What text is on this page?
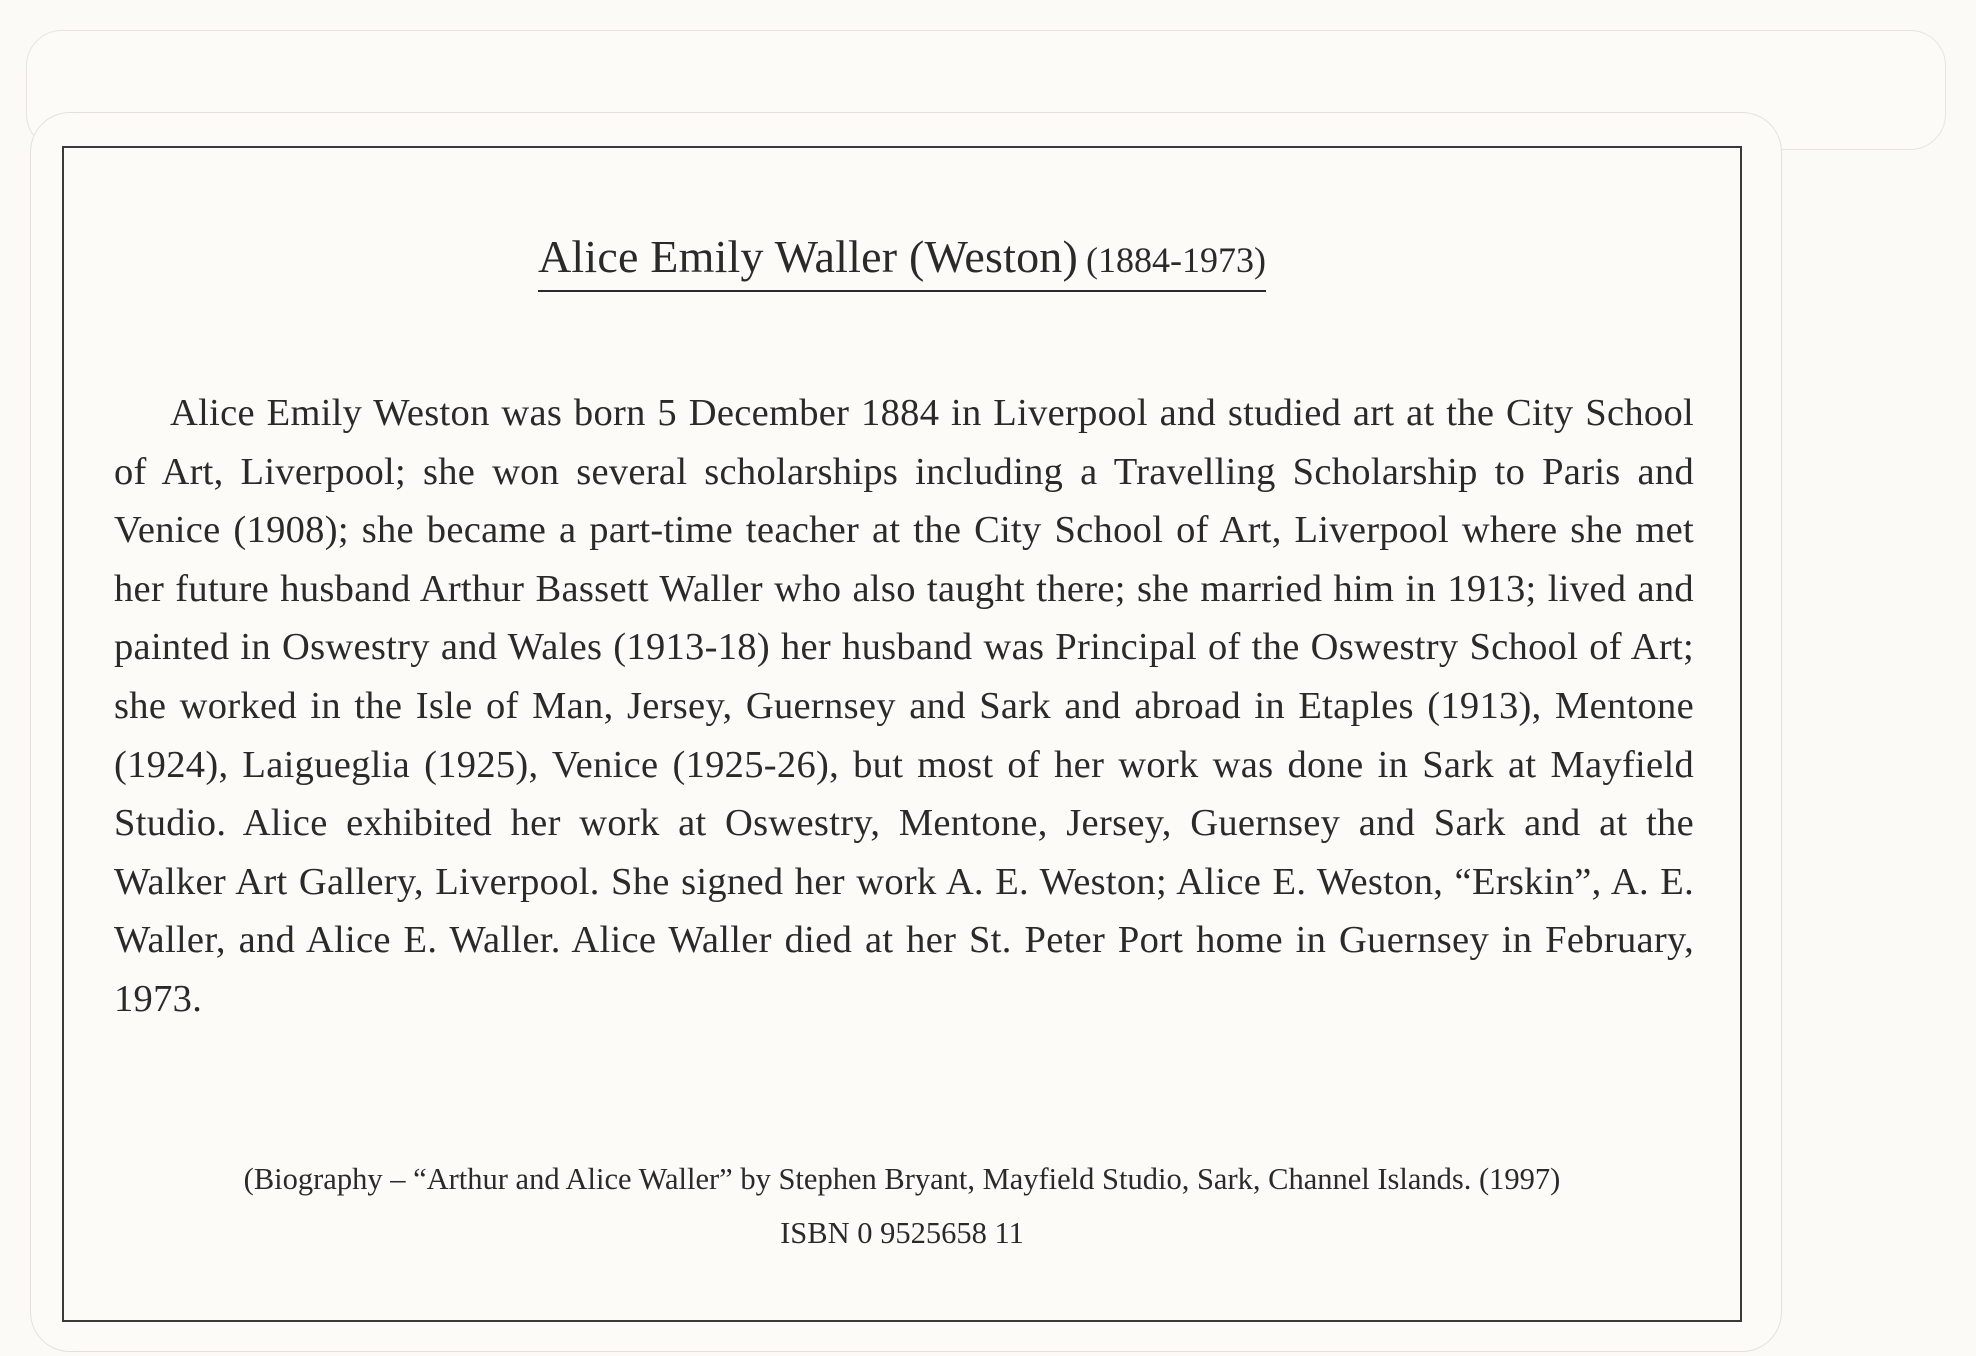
Alice Emily Waller (Weston) (1884-1973)

Alice Emily Weston was born 5 December 1884 in Liverpool and studied art at the City School of Art, Liverpool; she won several scholarships including a Travelling Scholarship to Paris and Venice (1908); she became a part-time teacher at the City School of Art, Liverpool where she met her future husband Arthur Bassett Waller who also taught there; she married him in 1913; lived and painted in Oswestry and Wales (1913-18) her husband was Principal of the Oswestry School of Art; she worked in the Isle of Man, Jersey, Guernsey and Sark and abroad in Etaples (1913), Mentone (1924), Laigueglia (1925), Venice (1925-26), but most of her work was done in Sark at Mayfield Studio. Alice exhibited her work at Oswestry, Mentone, Jersey, Guernsey and Sark and at the Walker Art Gallery, Liverpool. She signed her work A. E. Weston; Alice E. Weston, “Erskin”, A. E. Waller, and Alice E. Waller. Alice Waller died at her St. Peter Port home in Guernsey in February, 1973.

(Biography – “Arthur and Alice Waller” by Stephen Bryant, Mayfield Studio, Sark, Channel Islands. (1997)
ISBN 0 9525658 11
